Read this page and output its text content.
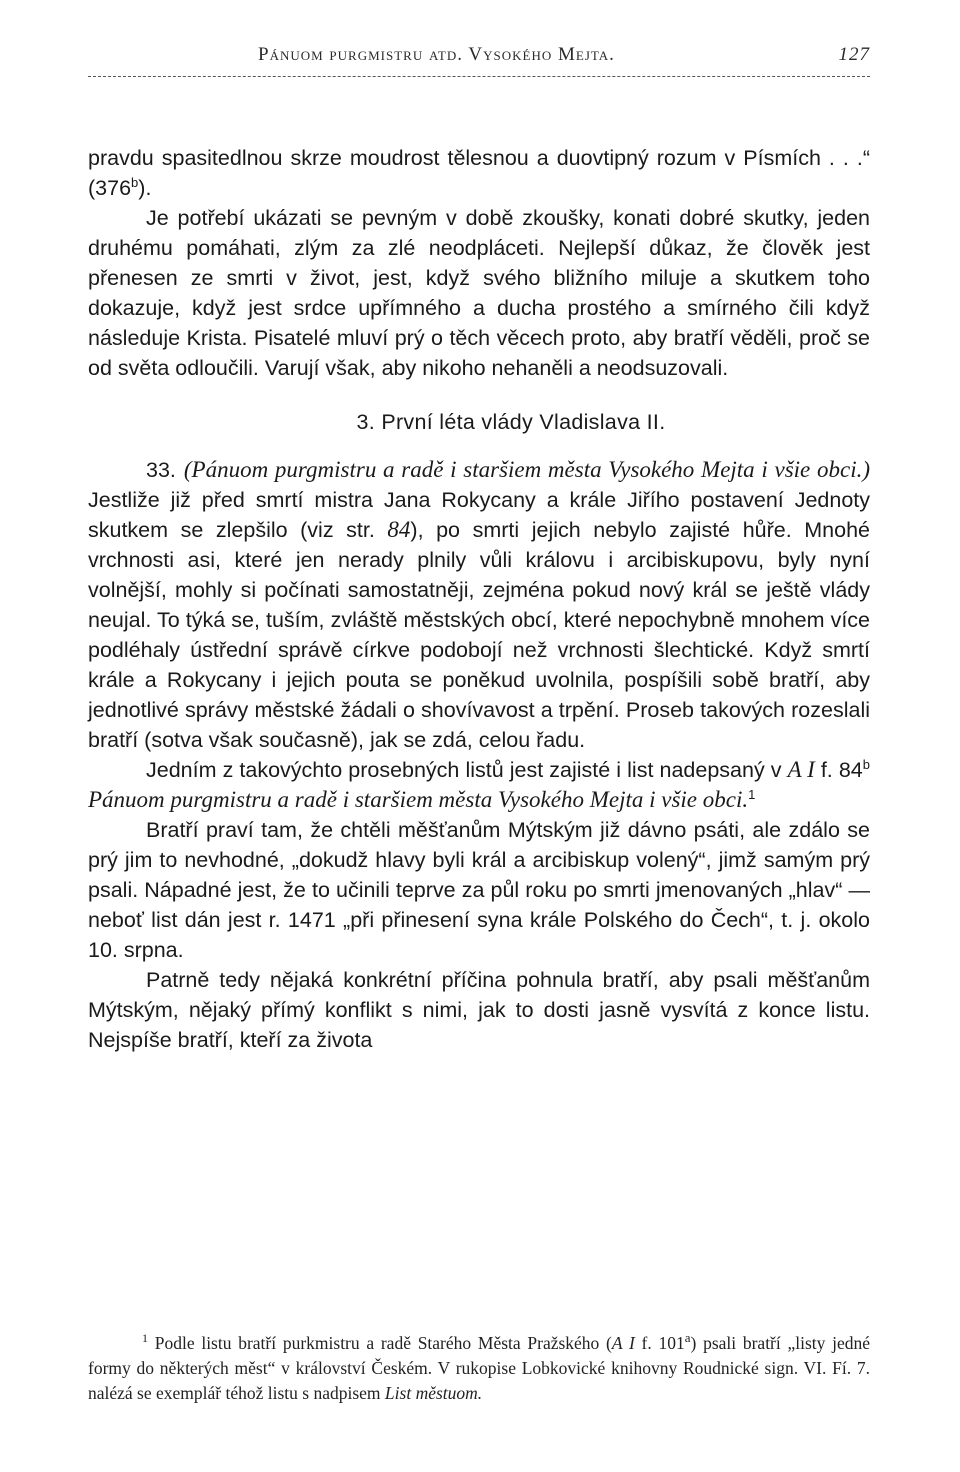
Pánuom purgmistru atd. Vysokého Mejta.	127

pravdu spasitedlnou skrze moudrost tělesnou a duovtipný rozum v Písmích . . .“ (376$^b$).

Je potřebí ukázati se pevným v době zkoušky, konati dobré skutky, jeden druhému pomáhati, zlým za zlé neodpláceti. Nejlepší důkaz, že člověk jest přenesen ze smrti v život, jest, když svého bližního miluje a skutkem toho dokazuje, když jest srdce upřímného a ducha prostého a smírného čili když následuje Krista. Pisatelé mluví prý o těch věcech proto, aby bratří věděli, proč se od světa odloučili. Varují však, aby nikoho nehaněli a neodsuzovali.

3. První léta vlády Vladislava II.

33. (Pánuom purgmistru a radě i staršiem města Vysokého Mejta i všie obci.) Jestliže již před smrtí mistra Jana Rokycany a krále Jiřího postavení Jednoty skutkem se zlepšilo (viz str. 84), po smrti jejich nebylo zajisté hůře. Mnohé vrchnosti asi, které jen nerady plnily vůli královu i arcibiskupovu, byly nyní volnější, mohly si počínati samostatněji, zejména pokud nový král se ještě vlády neujal. To týká se, tuším, zvláště městských obcí, které nepochybně mnohem více podléhaly ústřední správě církve podobojí než vrchnosti šlechtické. Když smrtí krále a Rokycany i jejich pouta se poněkud uvolnila, pospíšili sobě bratří, aby jednotlivé správy městské žádali o shovívavost a trpění. Proseb takových rozeslali bratří (sotva však současně), jak se zdá, celou řadu.

Jedním z takovýchto prosebných listů jest zajisté i list nadepsaný v A I f. 84$^b$ Pánuom purgmistru a radě i staršiem města Vysokého Mejta i všie obci.$^1$

Bratří praví tam, že chtěli měšťanům Mýtským již dávno psáti, ale zdálo se prý jim to nevhodné, „dokudž hlavy byli král a arcibiskup volený“, jimž samým prý psali. Nápadné jest, že to učinili teprve za půl roku po smrti jmenovaných „hlav“ — neboť list dán jest r. 1471 „při přinesení syna krále Polského do Čech“, t. j. okolo 10. srpna.

Patrně tedy nějaká konkrétní příčina pohnula bratří, aby psali měšťanům Mýtským, nějaký přímý konflikt s nimi, jak to dosti jasně vysvítá z konce listu. Nejspíše bratří, kteří za života

$^1$ Podle listu bratří purkmistru a radě Starého Města Pražského (A I f. 101$^a$) psali bratří „listy jedné formy do některých měst“ v království Českém. V rukopise Lobkovické knihovny Roudnické sign. VI. Fí. 7. nalézá se exemplář téhož listu s nadpisem List městuom.
